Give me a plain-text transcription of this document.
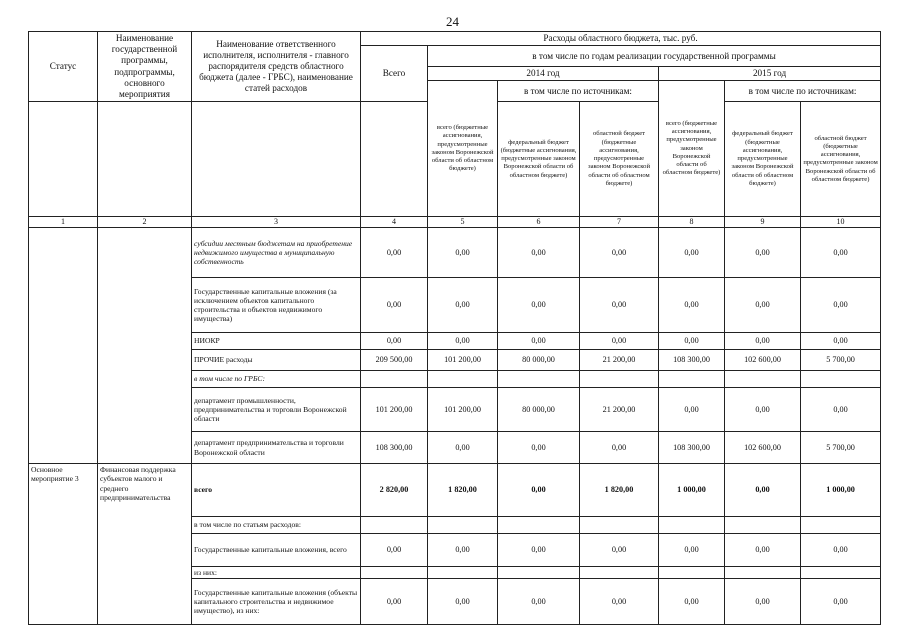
24
Статус	Наименование государственной программы, подпрограммы, основного мероприятия	Наименование ответственного исполнителя, исполнителя - главного распорядителя средств областного бюджета (далее - ГРБС), наименование статей расходов	Расходы областного бюджета, тыс. руб.						
			Всего	в том числе по годам реализации государственной программы					
				2014 год			2015 год		
				всего (бюджетные ассигнования, предусмотренные законом Воронежской области об областном бюджете)	в том числе по источникам:		всего (бюджетные ассигнования, предусмотренные законом Воронежской области об областном бюджете)	в том числе по источникам:	
					федеральный бюджет (бюджетные ассигнования, предусмотренные законом Воронежской области об областном бюджете)	областной бюджет (бюджетные ассигнования, предусмотренные законом Воронежской области об областном бюджете)		федеральный бюджет (бюджетные ассигнования, предусмотренные законом Воронежской области об областном бюджете)	областной бюджет (бюджетные ассигнования, предусмотренные законом Воронежской области об областном бюджете)
1	2	3	4	5	6	7	8	9	10
		субсидии местным бюджетам на приобретение недвижимого имущества в муниципальную собственность	0,00	0,00	0,00	0,00	0,00	0,00	0,00
		Государственные капитальные вложения (за исключением объектов капитального строительства и объектов недвижимого имущества)	0,00	0,00	0,00	0,00	0,00	0,00	0,00
		НИОКР	0,00	0,00	0,00	0,00	0,00	0,00	0,00
		ПРОЧИЕ расходы	209 500,00	101 200,00	80 000,00	21 200,00	108 300,00	102 600,00	5 700,00
		в том числе по ГРБС:							
		департамент промышленности, предпринимательства и торговли Воронежской области	101 200,00	101 200,00	80 000,00	21 200,00	0,00	0,00	0,00
		департамент предпринимательства и торговли Воронежской области	108 300,00	0,00	0,00	0,00	108 300,00	102 600,00	5 700,00
Основное мероприятие 3	Финансовая поддержка субъектов малого и среднего предпринимательства	всего	2 820,00	1 820,00	0,00	1 820,00	1 000,00	0,00	1 000,00
		в том числе по статьям расходов:							
		Государственные капитальные вложения, всего	0,00	0,00	0,00	0,00	0,00	0,00	0,00
		из них:							
		Государственные капитальные вложения (объекты капитального строительства и недвижимое имущество), из них:	0,00	0,00	0,00	0,00	0,00	0,00	0,00
